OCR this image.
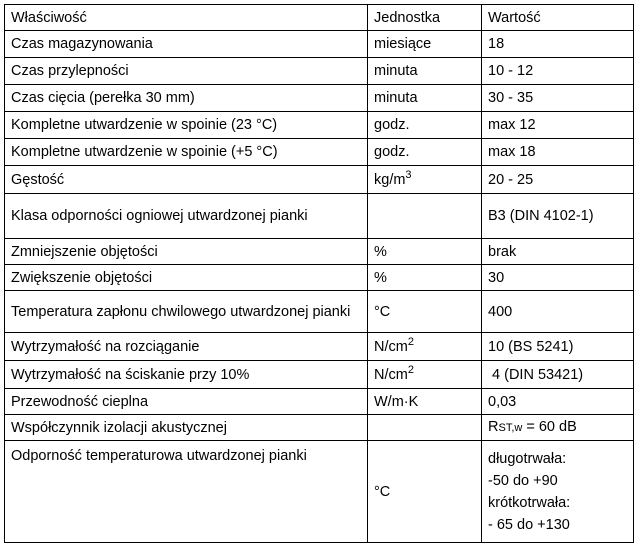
Właściwość	Jednostka	Wartość
Czas magazynowania	miesiące	18
Czas przylepności	minuta	10 - 12
Czas cięcia (perełka 30 mm)	minuta	30 - 35
Kompletne utwardzenie w spoinie (23 °C)	godz.	max 12
Kompletne utwardzenie w spoinie (+5 °C)	godz.	max 18
Gęstość	$kg/m^3$	20 - 25
Klasa odporności ogniowej utwardzonej pianki		B3 (DIN 4102-1)
Zmniejszenie objętości	%	brak
Zwiększenie objętości	%	30
Temperatura zapłonu chwilowego utwardzonej pianki	°C	400
Wytrzymałość na rozciąganie	$N/cm^2$	10 (BS 5241)
Wytrzymałość na ściskanie przy 10%	$N/cm^2$	4 (DIN 53421)
Przewodność cieplna	W/m·K	0,03
Współczynnik izolacji akustycznej		RST,w = 60 dB
Odporność temperaturowa utwardzonej pianki	°C	długotrwała:
-50 do +90
krótkotrwała:
- 65 do +130
